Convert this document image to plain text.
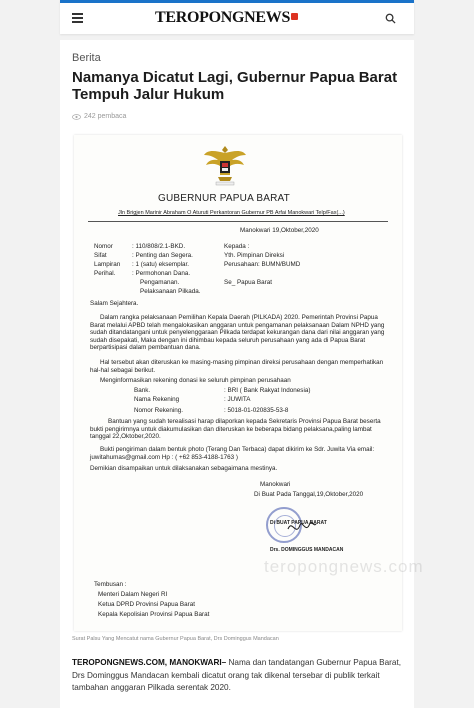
TEROPONGNEWS
Berita
Namanya Dicatut Lagi, Gubernur Papua Barat Tempuh Jalur Hukum
242 pembaca
GUBERNUR PAPUA BARAT
Jln Brigjen Marinir Abraham O Aturuti Perkantoran Gubernur PB Arfai Manokwari Telp/Fax(...)
Manokwari 19,Oktober,2020
Nomor	: 110/808/2.1-BKD.
Sifat	: Penting dan Segera.
Lampiran : 1 (satu) eksemplar.
Perihal.	: Permohonan Dana.
Pengamanan.
Pelaksanaan Pilkada.
Kepada :
Yth. Pimpinan Direksi
Perusahaan: BUMN/BUMD
Se_ Papua Barat
Salam Sejahtera.
Dalam rangka pelaksanaan Pemilihan Kepala Daerah (PILKADA) 2020. Pemerintah Provinsi Papua Barat melalui APBD telah mengalokasikan anggaran untuk pengamanan pelaksanaan Dalam NPHD yang sudah ditandatangani untuk penyelenggaraan Pilkada terdapat kekurangan dana dari nilai anggaran yang sudah disepakati, Maka dengan ini dihimbau kepada seluruh perusahaan yang ada di Papua Barat berpartisipasi dalam pembantuan dana.
Hal tersebut akan diteruskan ke masing-masing pimpinan direksi perusahaan dengan memperhatikan hal-hal sebagai berikut.
Menginformasikan rekening donasi ke seluruh pimpinan perusahaan
Bank.	: BRI ( Bank Rakyat Indonesia)
Nama Rekening	: JUWITA
Nomor Rekening.	: 5018-01-020835-53-8
Bantuan yang sudah terealisasi harap dilaporkan kepada Sekretaris Provinsi Papua Barat beserta bukti pengirimnya untuk diakumulasikan dan diteruskan ke beberapa bidang pelaksana,paling lambat tanggal 22,Oktober,2020.
Bukti pengiriman dalam bentuk photo (Terang Dan Terbaca) dapat dikirim ke Sdr. Juwita Via email: juwitahumas@gmail.com Hp : ( +62 853-4188-1763 )
Demikian disampaikan untuk dilaksanakan sebagaimana mestinya.
Manokwari
Di Buat Pada Tanggal,19,Oktober,2020
Di BUAT PAPUA BARAT
Drs. DOMINGGUS MANDACAN
teropongnews.com
Tembusan :
Menteri Dalam Negeri RI
Ketua DPRD Provinsi Papua Barat
Kepala Kepolisian Provinsi Papua Barat
Surat Palsu Yang Mencatut nama Gubernur Papua Barat, Drs Dominggus Mandacan

TEROPONGNEWS.COM, MANOKWARI– Nama dan tandatangan Gubernur Papua Barat, Drs Dominggus Mandacan kembali dicatut orang tak dikenal tersebar di publik terkait tambahan anggaran Pilkada serentak 2020.
